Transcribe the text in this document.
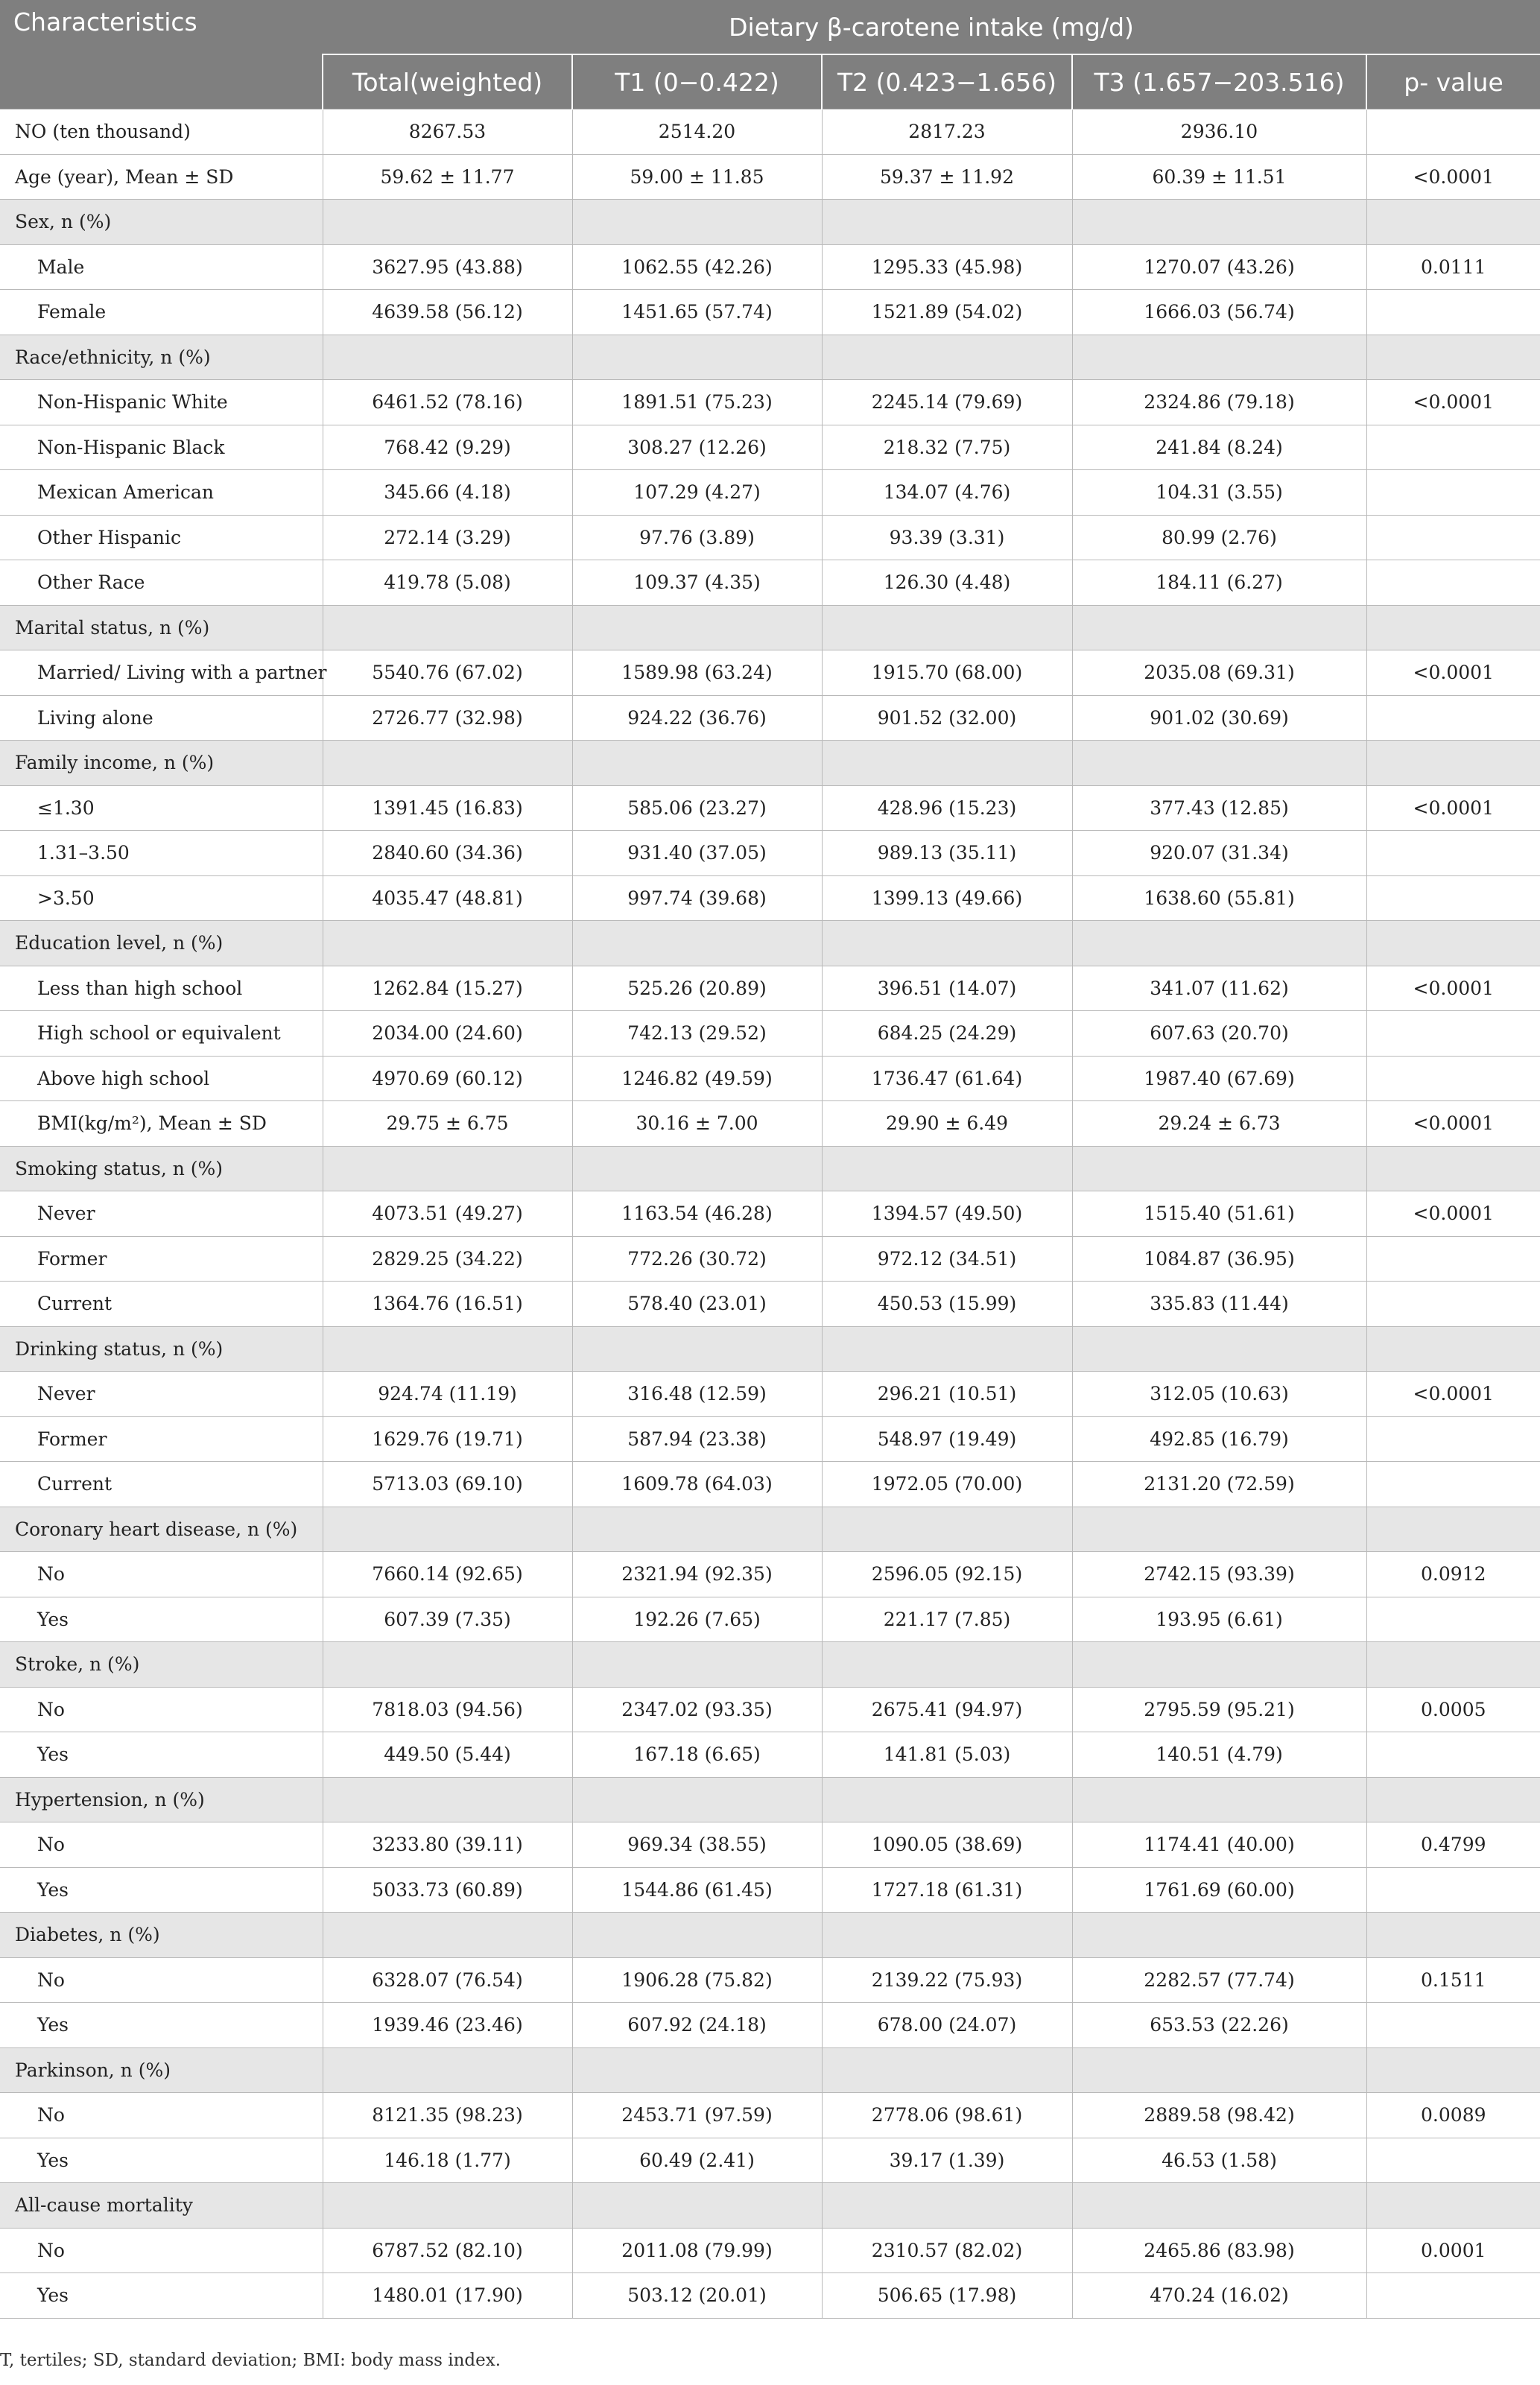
Characteristics	Dietary β-carotene intake (mg/d)				
	Total(weighted)	T1 (0−0.422)	T2 (0.423−1.656)	T3 (1.657−203.516)	p- value
NO (ten thousand)	8267.53	2514.20	2817.23	2936.10	
Age (year), Mean ± SD	59.62 ± 11.77	59.00 ± 11.85	59.37 ± 11.92	60.39 ± 11.51	<0.0001
Sex, n (%)					
Male	3627.95 (43.88)	1062.55 (42.26)	1295.33 (45.98)	1270.07 (43.26)	0.0111
Female	4639.58 (56.12)	1451.65 (57.74)	1521.89 (54.02)	1666.03 (56.74)	
Race/ethnicity, n (%)					
Non-Hispanic White	6461.52 (78.16)	1891.51 (75.23)	2245.14 (79.69)	2324.86 (79.18)	<0.0001
Non-Hispanic Black	768.42 (9.29)	308.27 (12.26)	218.32 (7.75)	241.84 (8.24)	
Mexican American	345.66 (4.18)	107.29 (4.27)	134.07 (4.76)	104.31 (3.55)	
Other Hispanic	272.14 (3.29)	97.76 (3.89)	93.39 (3.31)	80.99 (2.76)	
Other Race	419.78 (5.08)	109.37 (4.35)	126.30 (4.48)	184.11 (6.27)	
Marital status, n (%)					
Married/ Living with a partner	5540.76 (67.02)	1589.98 (63.24)	1915.70 (68.00)	2035.08 (69.31)	<0.0001
Living alone	2726.77 (32.98)	924.22 (36.76)	901.52 (32.00)	901.02 (30.69)	
Family income, n (%)					
≤1.30	1391.45 (16.83)	585.06 (23.27)	428.96 (15.23)	377.43 (12.85)	<0.0001
1.31–3.50	2840.60 (34.36)	931.40 (37.05)	989.13 (35.11)	920.07 (31.34)	
>3.50	4035.47 (48.81)	997.74 (39.68)	1399.13 (49.66)	1638.60 (55.81)	
Education level, n (%)					
Less than high school	1262.84 (15.27)	525.26 (20.89)	396.51 (14.07)	341.07 (11.62)	<0.0001
High school or equivalent	2034.00 (24.60)	742.13 (29.52)	684.25 (24.29)	607.63 (20.70)	
Above high school	4970.69 (60.12)	1246.82 (49.59)	1736.47 (61.64)	1987.40 (67.69)	
BMI(kg/m²), Mean ± SD	29.75 ± 6.75	30.16 ± 7.00	29.90 ± 6.49	29.24 ± 6.73	<0.0001
Smoking status, n (%)					
Never	4073.51 (49.27)	1163.54 (46.28)	1394.57 (49.50)	1515.40 (51.61)	<0.0001
Former	2829.25 (34.22)	772.26 (30.72)	972.12 (34.51)	1084.87 (36.95)	
Current	1364.76 (16.51)	578.40 (23.01)	450.53 (15.99)	335.83 (11.44)	
Drinking status, n (%)					
Never	924.74 (11.19)	316.48 (12.59)	296.21 (10.51)	312.05 (10.63)	<0.0001
Former	1629.76 (19.71)	587.94 (23.38)	548.97 (19.49)	492.85 (16.79)	
Current	5713.03 (69.10)	1609.78 (64.03)	1972.05 (70.00)	2131.20 (72.59)	
Coronary heart disease, n (%)					
No	7660.14 (92.65)	2321.94 (92.35)	2596.05 (92.15)	2742.15 (93.39)	0.0912
Yes	607.39 (7.35)	192.26 (7.65)	221.17 (7.85)	193.95 (6.61)	
Stroke, n (%)					
No	7818.03 (94.56)	2347.02 (93.35)	2675.41 (94.97)	2795.59 (95.21)	0.0005
Yes	449.50 (5.44)	167.18 (6.65)	141.81 (5.03)	140.51 (4.79)	
Hypertension, n (%)					
No	3233.80 (39.11)	969.34 (38.55)	1090.05 (38.69)	1174.41 (40.00)	0.4799
Yes	5033.73 (60.89)	1544.86 (61.45)	1727.18 (61.31)	1761.69 (60.00)	
Diabetes, n (%)					
No	6328.07 (76.54)	1906.28 (75.82)	2139.22 (75.93)	2282.57 (77.74)	0.1511
Yes	1939.46 (23.46)	607.92 (24.18)	678.00 (24.07)	653.53 (22.26)	
Parkinson, n (%)					
No	8121.35 (98.23)	2453.71 (97.59)	2778.06 (98.61)	2889.58 (98.42)	0.0089
Yes	146.18 (1.77)	60.49 (2.41)	39.17 (1.39)	46.53 (1.58)	
All-cause mortality					
No	6787.52 (82.10)	2011.08 (79.99)	2310.57 (82.02)	2465.86 (83.98)	0.0001
Yes	1480.01 (17.90)	503.12 (20.01)	506.65 (17.98)	470.24 (16.02)	
T, tertiles; SD, standard deviation; BMI: body mass index.
